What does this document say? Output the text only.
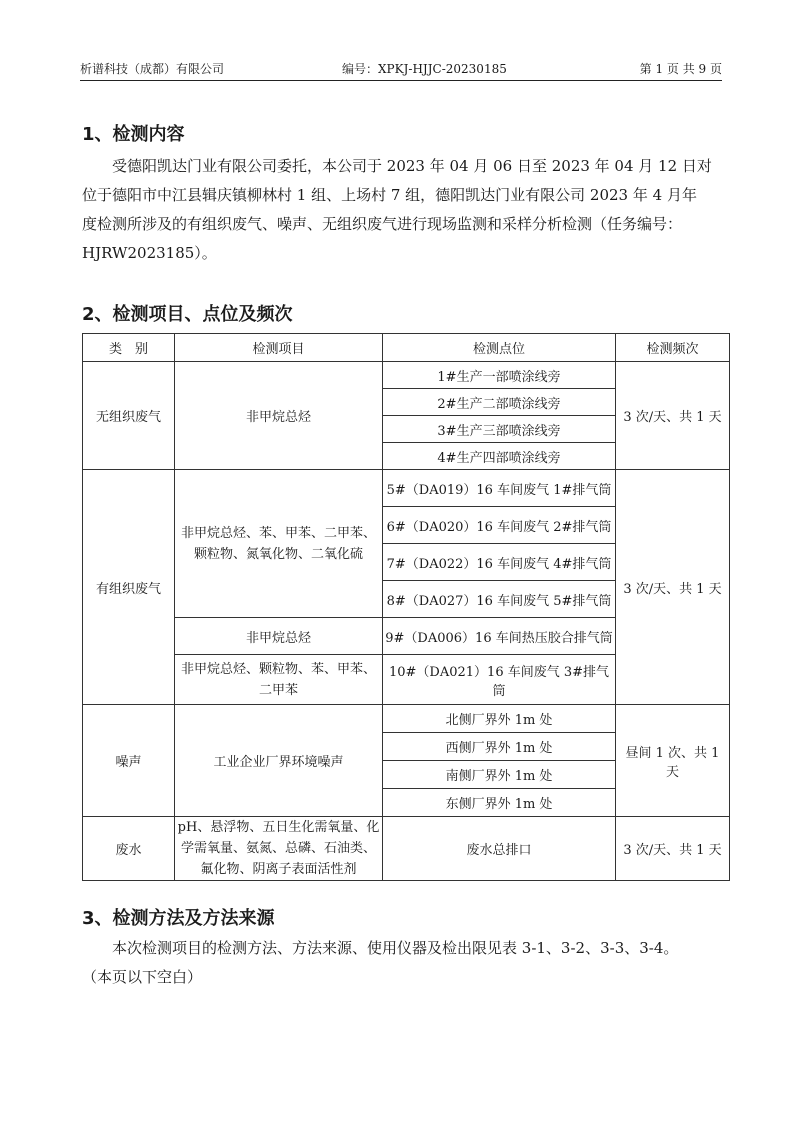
析谱科技（成都）有限公司	编号：XPKJ-HJJC-20230185	第 1 页 共 9 页
1、检测内容
受德阳凯达门业有限公司委托，本公司于 2023 年 04 月 06 日至 2023 年 04 月 12 日对
位于德阳市中江县辑庆镇柳林村 1 组、上场村 7 组，德阳凯达门业有限公司 2023 年 4 月年
度检测所涉及的有组织废气、噪声、无组织废气进行现场监测和采样分析检测（任务编号：
HJRW2023185）。
2、检测项目、点位及频次
类　别	检测项目	检测点位	检测频次
无组织废气	非甲烷总烃	1#生产一部喷涂线旁	3 次/天、共 1 天
		2#生产二部喷涂线旁	
		3#生产三部喷涂线旁	
		4#生产四部喷涂线旁	
有组织废气	非甲烷总烃、苯、甲苯、二甲苯、颗粒物、氮氧化物、二氧化硫	5#（DA019）16 车间废气 1#排气筒	3 次/天、共 1 天
		6#（DA020）16 车间废气 2#排气筒	
		7#（DA022）16 车间废气 4#排气筒	
		8#（DA027）16 车间废气 5#排气筒	
	非甲烷总烃	9#（DA006）16 车间热压胶合排气筒	
	非甲烷总烃、颗粒物、苯、甲苯、二甲苯	10#（DA021）16 车间废气 3#排气筒	
噪声	工业企业厂界环境噪声	北侧厂界外 1m 处	昼间 1 次、共 1 天
		西侧厂界外 1m 处	
		南侧厂界外 1m 处	
		东侧厂界外 1m 处	
废水	pH、悬浮物、五日生化需氧量、化学需氧量、氨氮、总磷、石油类、氟化物、阴离子表面活性剂	废水总排口	3 次/天、共 1 天
3、检测方法及方法来源
本次检测项目的检测方法、方法来源、使用仪器及检出限见表 3-1、3-2、3-3、3-4。
（本页以下空白）
